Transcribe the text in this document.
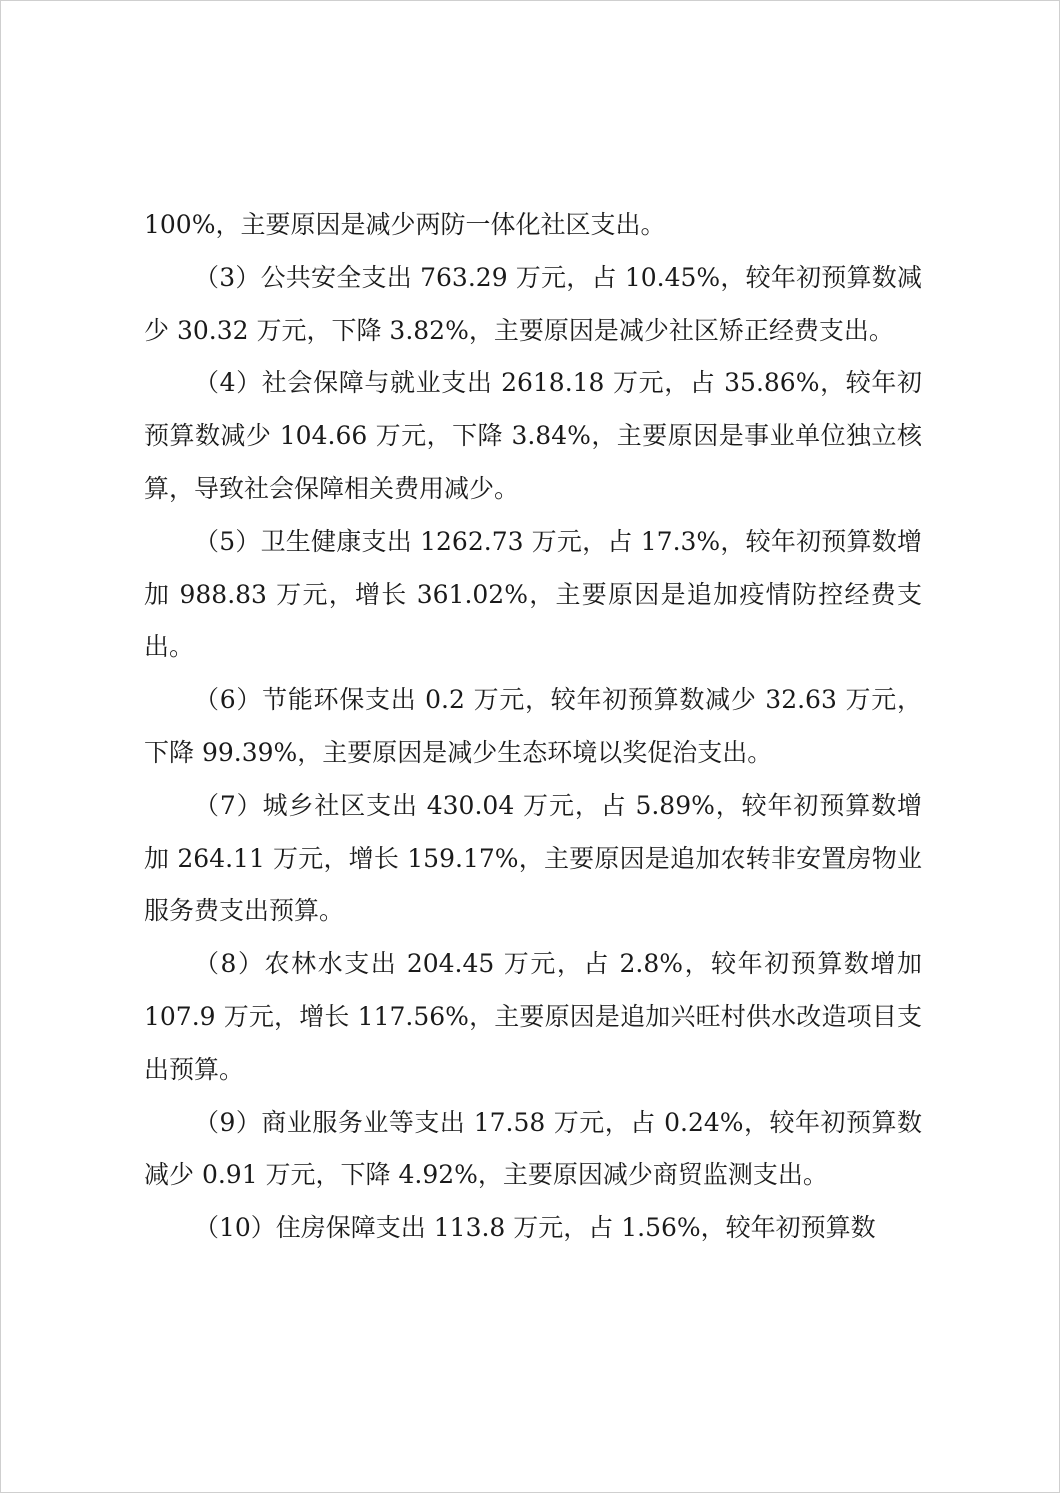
100%，主要原因是减少两防一体化社区支出。

（3）公共安全支出 763.29 万元，占 10.45%，较年初预算数减少 30.32 万元，下降 3.82%，主要原因是减少社区矫正经费支出。

（4）社会保障与就业支出 2618.18 万元，占 35.86%，较年初预算数减少 104.66 万元，下降 3.84%，主要原因是事业单位独立核算，导致社会保障相关费用减少。

（5）卫生健康支出 1262.73 万元，占 17.3%，较年初预算数增加 988.83 万元，增长 361.02%，主要原因是追加疫情防控经费支出。

（6）节能环保支出 0.2 万元，较年初预算数减少 32.63 万元，下降 99.39%，主要原因是减少生态环境以奖促治支出。

（7）城乡社区支出 430.04 万元，占 5.89%，较年初预算数增加 264.11 万元，增长 159.17%，主要原因是追加农转非安置房物业服务费支出预算。

（8）农林水支出 204.45 万元，占 2.8%，较年初预算数增加 107.9 万元，增长 117.56%，主要原因是追加兴旺村供水改造项目支出预算。

（9）商业服务业等支出 17.58 万元，占 0.24%，较年初预算数减少 0.91 万元，下降 4.92%，主要原因减少商贸监测支出。

（10）住房保障支出 113.8 万元，占 1.56%，较年初预算数
